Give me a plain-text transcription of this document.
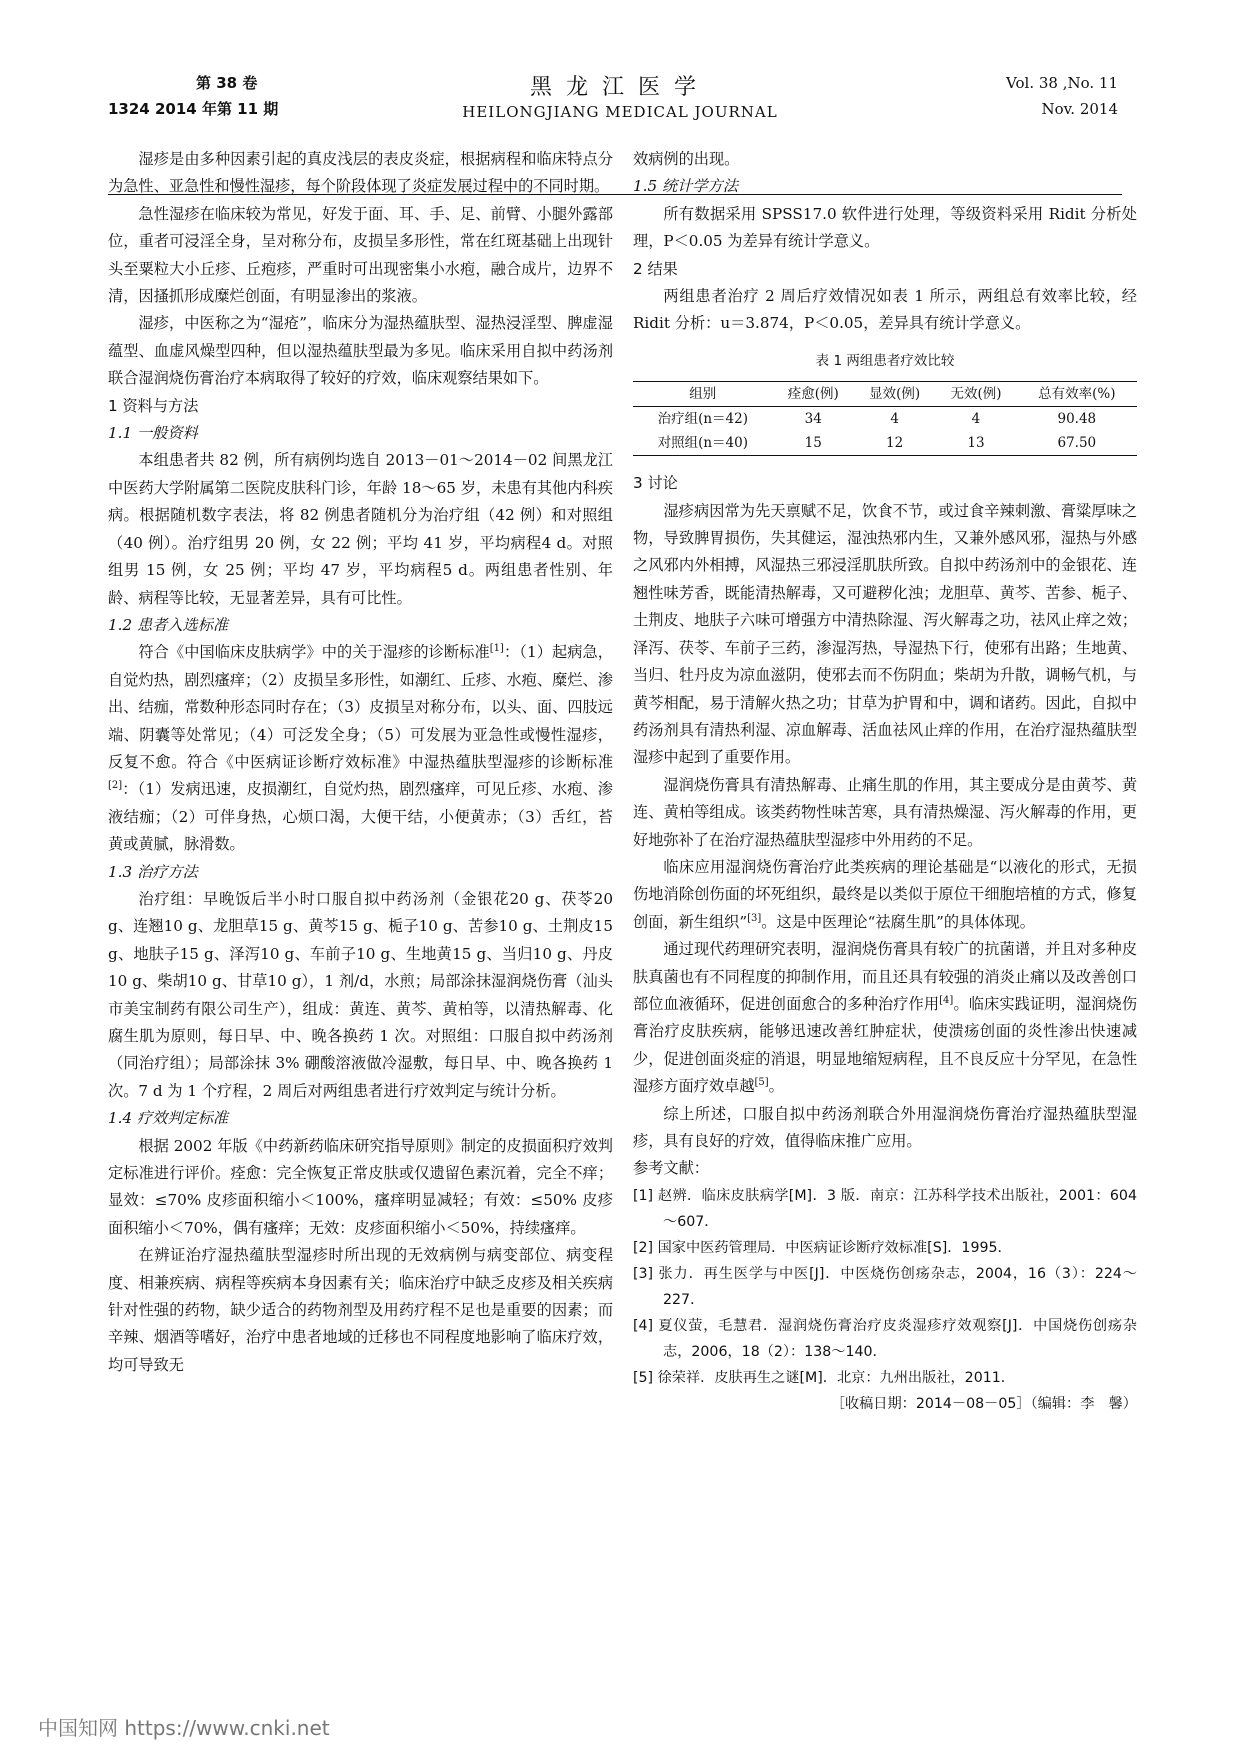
第 38 卷
1324 2014 年第 11 期
黑龙江医学
HEILONGJIANG MEDICAL JOURNAL
Vol. 38 ,No. 11
Nov. 2014

湿疹是由多种因素引起的真皮浅层的表皮炎症，根据病程和临床特点分为急性、亚急性和慢性湿疹，每个阶段体现了炎症发展过程中的不同时期。

急性湿疹在临床较为常见，好发于面、耳、手、足、前臂、小腿外露部位，重者可浸淫全身，呈对称分布，皮损呈多形性，常在红斑基础上出现针头至粟粒大小丘疹、丘疱疹，严重时可出现密集小水疱，融合成片，边界不清，因搔抓形成糜烂创面，有明显渗出的浆液。

湿疹，中医称之为“湿疮”，临床分为湿热蕴肤型、湿热浸淫型、脾虚湿蕴型、血虚风燥型四种，但以湿热蕴肤型最为多见。临床采用自拟中药汤剂联合湿润烧伤膏治疗本病取得了较好的疗效，临床观察结果如下。

1 资料与方法

1.1 一般资料

本组患者共 82 例，所有病例均选自 2013－01～2014－02 间黑龙江中医药大学附属第二医院皮肤科门诊，年龄 18～65 岁，未患有其他内科疾病。根据随机数字表法，将 82 例患者随机分为治疗组（42 例）和对照组（40 例）。治疗组男 20 例，女 22 例；平均 41 岁，平均病程4 d。对照组男 15 例，女 25 例；平均 47 岁，平均病程5 d。两组患者性别、年龄、病程等比较，无显著差异，具有可比性。

1.2 患者入选标准

符合《中国临床皮肤病学》中的关于湿疹的诊断标准[1]：（1）起病急，自觉灼热，剧烈瘙痒；（2）皮损呈多形性，如潮红、丘疹、水疱、糜烂、渗出、结痂，常数种形态同时存在；（3）皮损呈对称分布，以头、面、四肢远端、阴囊等处常见；（4）可泛发全身；（5）可发展为亚急性或慢性湿疹，反复不愈。符合《中医病证诊断疗效标准》中湿热蕴肤型湿疹的诊断标准[2]：（1）发病迅速，皮损潮红，自觉灼热，剧烈瘙痒，可见丘疹、水疱、渗液结痂；（2）可伴身热，心烦口渴，大便干结，小便黄赤；（3）舌红，苔黄或黄腻，脉滑数。

1.3 治疗方法

治疗组：早晚饭后半小时口服自拟中药汤剂（金银花20 g、茯苓20 g、连翘10 g、龙胆草15 g、黄芩15 g、栀子10 g、苦参10 g、土荆皮15 g、地肤子15 g、泽泻10 g、车前子10 g、生地黄15 g、当归10 g、丹皮10 g、柴胡10 g、甘草10 g），1 剂/d，水煎；局部涂抹湿润烧伤膏（汕头市美宝制药有限公司生产），组成：黄连、黄芩、黄柏等，以清热解毒、化腐生肌为原则，每日早、中、晚各换药 1 次。对照组：口服自拟中药汤剂（同治疗组）；局部涂抹 3% 硼酸溶液做冷湿敷，每日早、中、晚各换药 1 次。7 d 为 1 个疗程，2 周后对两组患者进行疗效判定与统计分析。

1.4 疗效判定标准

根据 2002 年版《中药新药临床研究指导原则》制定的皮损面积疗效判定标准进行评价。痊愈：完全恢复正常皮肤或仅遗留色素沉着，完全不痒；显效：≤70% 皮疹面积缩小＜100%，瘙痒明显减轻；有效：≤50% 皮疹面积缩小＜70%，偶有瘙痒；无效：皮疹面积缩小＜50%，持续瘙痒。

在辨证治疗湿热蕴肤型湿疹时所出现的无效病例与病变部位、病变程度、相兼疾病、病程等疾病本身因素有关；临床治疗中缺乏皮疹及相关疾病针对性强的药物，缺少适合的药物剂型及用药疗程不足也是重要的因素；而辛辣、烟酒等嗜好，治疗中患者地域的迁移也不同程度地影响了临床疗效，均可导致无

效病例的出现。

1.5 统计学方法

所有数据采用 SPSS17.0 软件进行处理，等级资料采用 Ridit 分析处理，P＜0.05 为差异有统计学意义。

2 结果

两组患者治疗 2 周后疗效情况如表 1 所示，两组总有效率比较，经 Ridit 分析：u＝3.874，P＜0.05，差异具有统计学意义。

表 1 两组患者疗效比较
组别	痊愈(例)	显效(例)	无效(例)	总有效率(%)
治疗组(n＝42)	34	4	4	90.48
对照组(n＝40)	15	12	13	67.50

3 讨论

湿疹病因常为先天禀赋不足，饮食不节，或过食辛辣刺激、膏粱厚味之物，导致脾胃损伤，失其健运，湿浊热邪内生，又兼外感风邪，湿热与外感之风邪内外相搏，风湿热三邪浸淫肌肤所致。自拟中药汤剂中的金银花、连翘性味芳香，既能清热解毒，又可避秽化浊；龙胆草、黄芩、苦参、栀子、土荆皮、地肤子六味可增强方中清热除湿、泻火解毒之功，祛风止痒之效；泽泻、茯苓、车前子三药，渗湿泻热，导湿热下行，使邪有出路；生地黄、当归、牡丹皮为凉血滋阴，使邪去而不伤阴血；柴胡为升散，调畅气机，与黄芩相配，易于清解火热之功；甘草为护胃和中，调和诸药。因此，自拟中药汤剂具有清热利湿、凉血解毒、活血祛风止痒的作用，在治疗湿热蕴肤型湿疹中起到了重要作用。

湿润烧伤膏具有清热解毒、止痛生肌的作用，其主要成分是由黄芩、黄连、黄柏等组成。该类药物性味苦寒，具有清热燥湿、泻火解毒的作用，更好地弥补了在治疗湿热蕴肤型湿疹中外用药的不足。

临床应用湿润烧伤膏治疗此类疾病的理论基础是“以液化的形式，无损伤地消除创伤面的坏死组织，最终是以类似于原位干细胞培植的方式，修复创面，新生组织”[3]。这是中医理论“祛腐生肌”的具体体现。

通过现代药理研究表明，湿润烧伤膏具有较广的抗菌谱，并且对多种皮肤真菌也有不同程度的抑制作用，而且还具有较强的消炎止痛以及改善创口部位血液循环，促进创面愈合的多种治疗作用[4]。临床实践证明，湿润烧伤膏治疗皮肤疾病，能够迅速改善红肿症状，使溃疡创面的炎性渗出快速减少，促进创面炎症的消退，明显地缩短病程，且不良反应十分罕见，在急性湿疹方面疗效卓越[5]。

综上所述，口服自拟中药汤剂联合外用湿润烧伤膏治疗湿热蕴肤型湿疹，具有良好的疗效，值得临床推广应用。

参考文献：

[1] 赵辨．临床皮肤病学[M]．3 版．南京：江苏科学技术出版社，2001：604～607．
[2] 国家中医药管理局．中医病证诊断疗效标准[S]．1995．
[3] 张力．再生医学与中医[J]．中医烧伤创疡杂志，2004，16（3）：224～227．
[4] 夏仪萤，毛慧君．湿润烧伤膏治疗皮炎湿疹疗效观察[J]．中国烧伤创疡杂志，2006，18（2）：138～140．
[5] 徐荣祥．皮肤再生之谜[M]．北京：九州出版社，2011．
［收稿日期：2014－08－05］（编辑：李　馨）
中国知网 https://www.cnki.net
